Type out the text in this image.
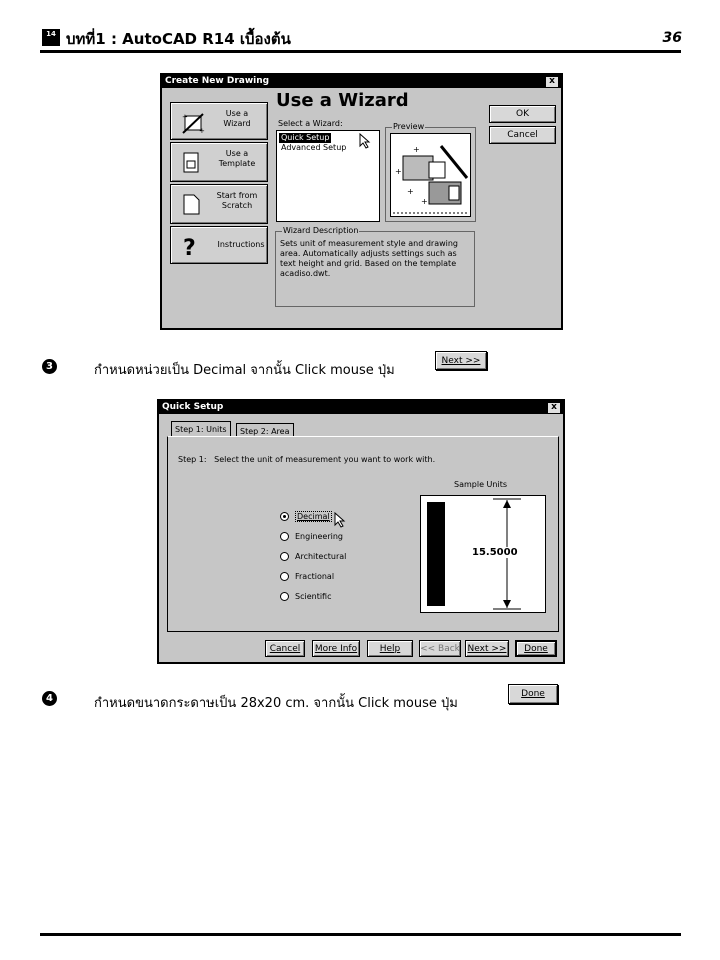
14 บทที่1 : AutoCAD R14 เบื้องต้น	36
Create New Drawing	x
+
+
Use a Wizard
Use a Template
Start from Scratch
?	Instructions
Use a Wizard
Select a Wizard:
Quick Setup
Advanced Setup
Preview
+
+
+
+
Wizard Description
Sets unit of measurement style and drawing area. Automatically adjusts settings such as text height and grid. Based on the template acadiso.dwt.
OK
Cancel
3	กำหนดหน่วยเป็น Decimal จากนั้น Click mouse ปุ่ม
Next >>
Quick Setup	x
Step 1: Units	Step 2: Area
Step 1:   Select the unit of measurement you want to work with.
Decimal
Engineering
Architectural
Fractional
Scientific
Sample Units
15.5000
Cancel More Info	Help << Back Next >> Done
4	กำหนดขนาดกระดาษเป็น 28x20 cm. จากนั้น Click mouse ปุ่ม
Done
